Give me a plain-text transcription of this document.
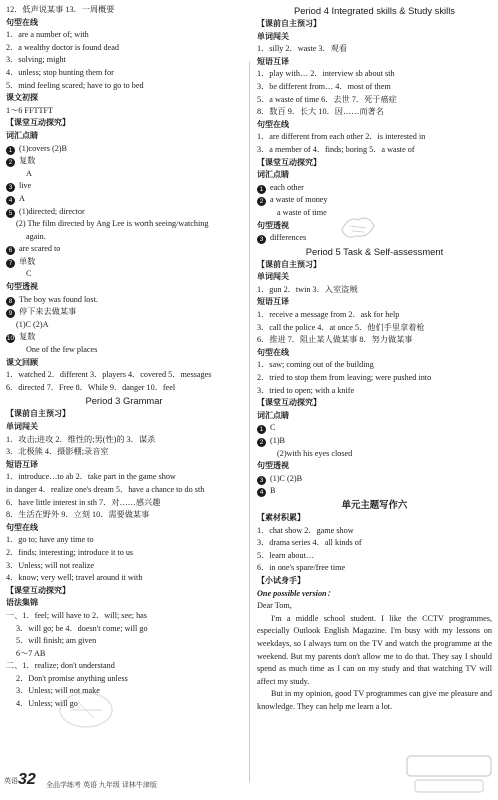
12．低声说某事 13．一周概要
句型在线
1．are a number of; with
2．a wealthy doctor is found dead
3．solving; might
4．unless; stop hunting them for
5．mind feeling scared; have to go to bed
课文初探
1～6 FFTTFT
【课堂互动探究】
词汇点睛
1 (1)covers (2)B
2 复数
A
3 live
4 A
5 (1)directed; director
(2) The film directed by Ang Lee is worth seeing/watching
again.
6 are scared to
7 单数
C
句型透视
8 The boy was found lost.
9 停下来去做某事
(1)C (2)A
10 复数
One of the few places
课文回顾
1．watched 2．different 3．players 4．covered 5．messages
6．directed 7．Free 8．While 9．danger 10．feel
Period 3 Grammar
【课前自主预习】
单词闯关
1．攻击;进攻 2．维性的;男(性)的 3．谋杀
3．北极熊 4．摄影棚;录音室
短语互译
1．introduce…to ab 2．take part in the game show
in danger 4．realize one's dream 5．have a chance to do sth
6．have little interest in sth 7．对……感兴趣
8．生活在野外 9．立刻 10．需要做某事
句型在线
1．go to; have any time to
2．finds; interesting; introduce it to us
3．Unless; will not realize
4．know; very well; travel around it with
【课堂互动探究】
语法集锦
一、1．feel; will have to 2．will; see; has
3．will go; be 4．doesn't come; will go
5．will finish; am given
6～7 AB
二、1．realize; don't understand
2．Don't promise anything unless
3．Unless; will not make
4．Unless; will go
Period 4 Integrated skills & Study skills
【课前自主预习】
单词闯关
1．silly 2．waste 3．观看
短语互译
1．play with… 2．interview sb about sth
3．be different from… 4．most of them
5．a waste of time 6．去世 7．死于癌症
8．数百 9．长大 10．因……而著名
句型在线
1．are different from each other 2．is interested in
3．a member of 4．finds; boring 5．a waste of
【课堂互动探究】
词汇点睛
1 each other
2 a waste of money
a waste of time
句型透视
3 differences
Period 5 Task & Self-assessment
【课前自主预习】
单词闯关
1．gun 2．twin 3．入室盗贼
短语互译
1．receive a message from 2．ask for help
3．call the police 4．at once 5．他们手里拿着枪
6．推进 7．阻止某人做某事 8．努力做某事
句型在线
1．saw; coming out of the building
2．tried to stop them from leaving; were pushed into
3．tried to open; with a knife
【课堂互动探究】
词汇点睛
1 C
2 (1)B
(2)with his eyes closed
句型透视
3 (1)C (2)B
4 B
单元主题写作六
【素材积累】
1．chat show 2．game show
3．drama series 4．all kinds of
5．learn about…
6．in one's spare/free time
【小试身手】
One possible version：
Dear Tom,
I'm a middle school student. I like the CCTV programmes, especially Outlook English Magazine. I'm busy with my lessons on weekdays, so I always turn on the TV and watch the programme at the weekend. But my parents don't allow me to do that. They say I should spend as much time as I can on my study and that watching TV will affect my study.
But in my opinion, good TV programmes can give me pleasure and knowledge. They can help me learn a lot.
英语 32 全品学练考 英语 九年级 译林牛津版
